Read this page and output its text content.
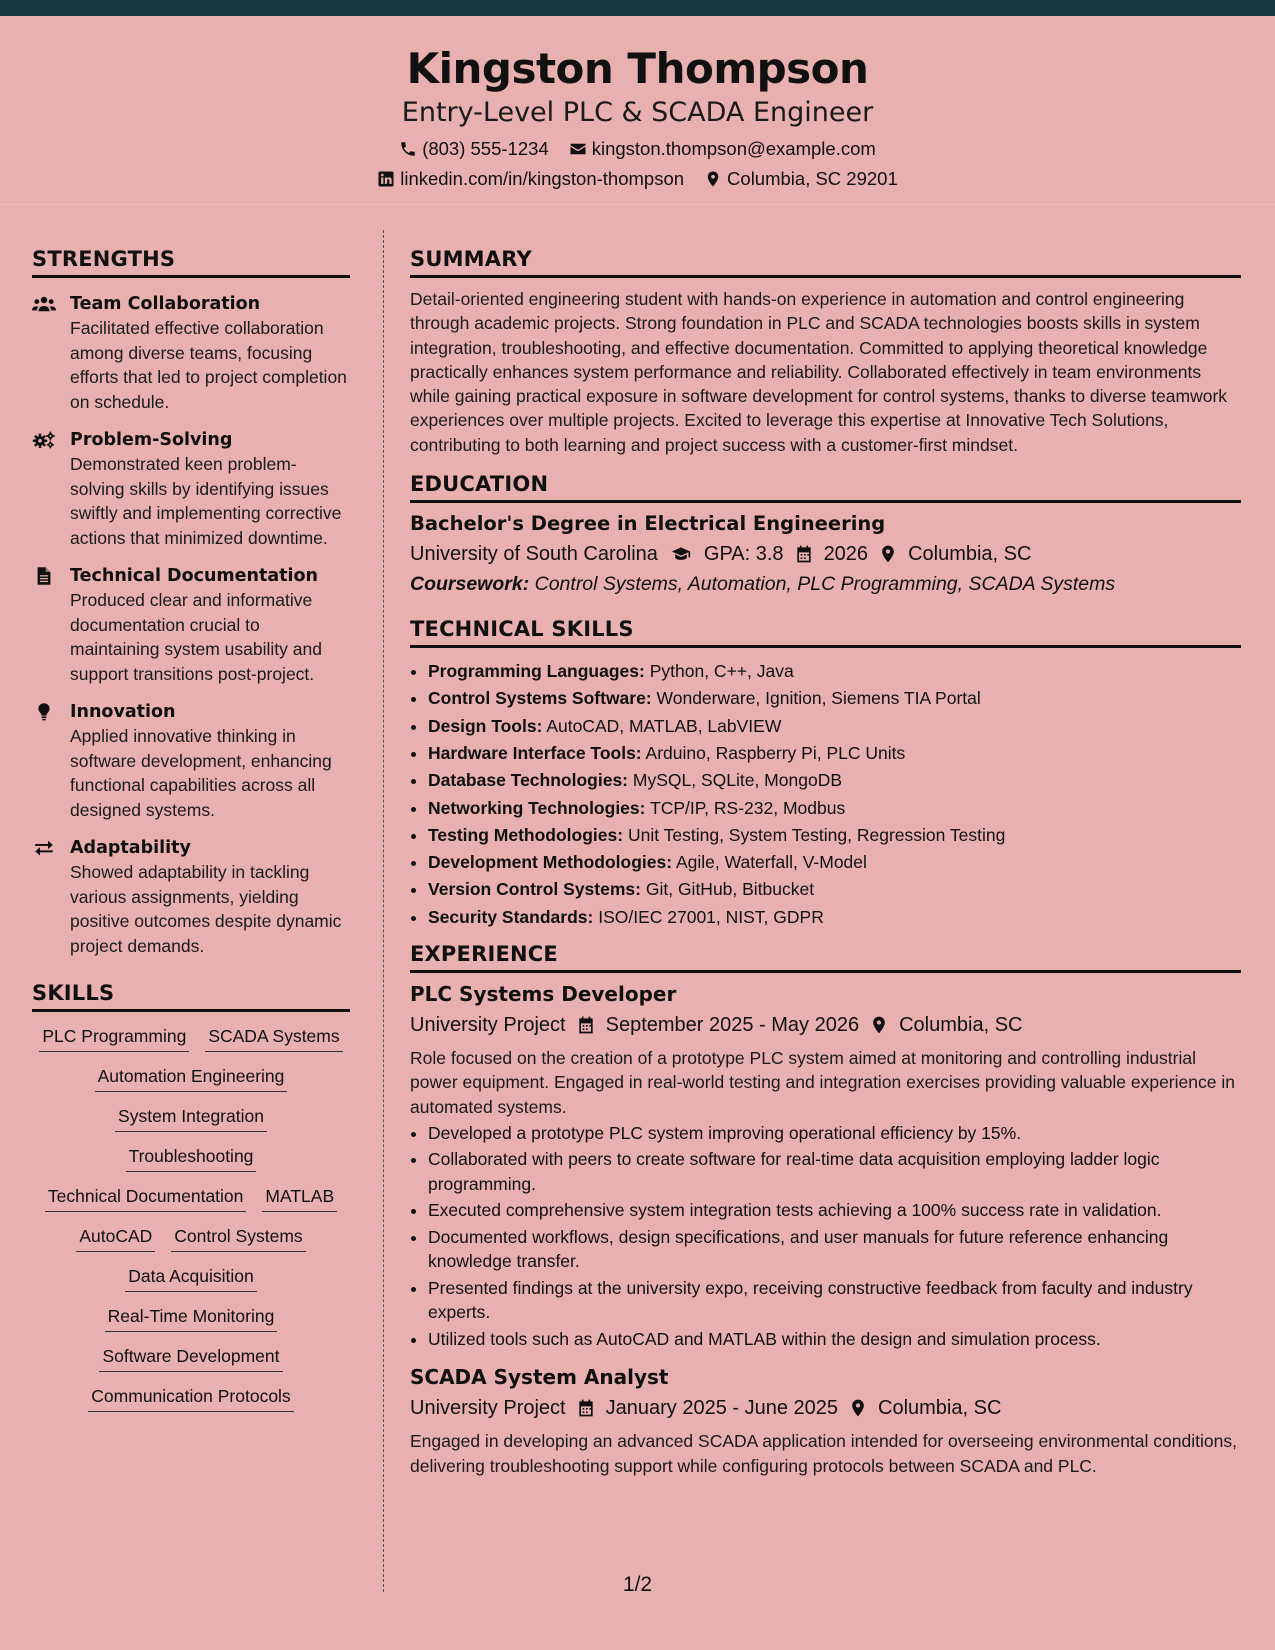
Kingston Thompson
Entry-Level PLC & SCADA Engineer
(803) 555-1234 kingston.thompson@example.com
linkedin.com/in/kingston-thompson Columbia, SC 29201
STRENGTHS
Team Collaboration
Facilitated effective collaboration among diverse teams, focusing efforts that led to project completion on schedule.
Problem-Solving
Demonstrated keen problem-solving skills by identifying issues swiftly and implementing corrective actions that minimized downtime.
Technical Documentation
Produced clear and informative documentation crucial to maintaining system usability and support transitions post-project.
Innovation
Applied innovative thinking in software development, enhancing functional capabilities across all designed systems.
Adaptability
Showed adaptability in tackling various assignments, yielding positive outcomes despite dynamic project demands.
SKILLS
PLC Programming SCADA Systems
Automation Engineering
System Integration
Troubleshooting
Technical Documentation MATLAB
AutoCAD Control Systems
Data Acquisition
Real-Time Monitoring
Software Development
Communication Protocols
SUMMARY
Detail-oriented engineering student with hands-on experience in automation and control engineering through academic projects. Strong foundation in PLC and SCADA technologies boosts skills in system integration, troubleshooting, and effective documentation. Committed to applying theoretical knowledge practically enhances system performance and reliability. Collaborated effectively in team environments while gaining practical exposure in software development for control systems, thanks to diverse teamwork experiences over multiple projects. Excited to leverage this expertise at Innovative Tech Solutions, contributing to both learning and project success with a customer-first mindset.
EDUCATION
Bachelor's Degree in Electrical Engineering
University of South Carolina GPA: 3.8 2026 Columbia, SC
Coursework: Control Systems, Automation, PLC Programming, SCADA Systems
TECHNICAL SKILLS
• Programming Languages: Python, C++, Java
• Control Systems Software: Wonderware, Ignition, Siemens TIA Portal
• Design Tools: AutoCAD, MATLAB, LabVIEW
• Hardware Interface Tools: Arduino, Raspberry Pi, PLC Units
• Database Technologies: MySQL, SQLite, MongoDB
• Networking Technologies: TCP/IP, RS-232, Modbus
• Testing Methodologies: Unit Testing, System Testing, Regression Testing
• Development Methodologies: Agile, Waterfall, V-Model
• Version Control Systems: Git, GitHub, Bitbucket
• Security Standards: ISO/IEC 27001, NIST, GDPR
EXPERIENCE
PLC Systems Developer
University Project September 2025 - May 2026 Columbia, SC
Role focused on the creation of a prototype PLC system aimed at monitoring and controlling industrial power equipment. Engaged in real-world testing and integration exercises providing valuable experience in automated systems.
• Developed a prototype PLC system improving operational efficiency by 15%.
• Collaborated with peers to create software for real-time data acquisition employing ladder logic programming.
• Executed comprehensive system integration tests achieving a 100% success rate in validation.
• Documented workflows, design specifications, and user manuals for future reference enhancing knowledge transfer.
• Presented findings at the university expo, receiving constructive feedback from faculty and industry experts.
• Utilized tools such as AutoCAD and MATLAB within the design and simulation process.
SCADA System Analyst
University Project January 2025 - June 2025 Columbia, SC
Engaged in developing an advanced SCADA application intended for overseeing environmental conditions, delivering troubleshooting support while configuring protocols between SCADA and PLC.
1/2
